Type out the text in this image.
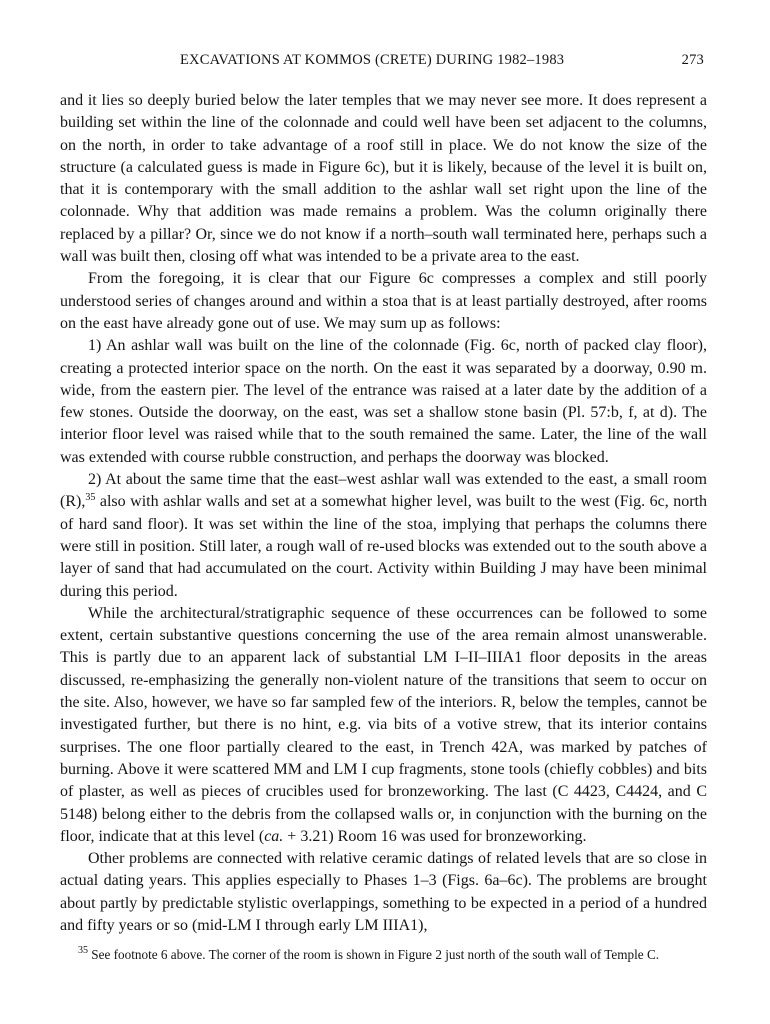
EXCAVATIONS AT KOMMOS (CRETE) DURING 1982–1983	273

and it lies so deeply buried below the later temples that we may never see more. It does represent a building set within the line of the colonnade and could well have been set adjacent to the columns, on the north, in order to take advantage of a roof still in place. We do not know the size of the structure (a calculated guess is made in Figure 6c), but it is likely, because of the level it is built on, that it is contemporary with the small addition to the ashlar wall set right upon the line of the colonnade. Why that addition was made remains a problem. Was the column originally there replaced by a pillar? Or, since we do not know if a north–south wall terminated here, perhaps such a wall was built then, closing off what was intended to be a private area to the east.

From the foregoing, it is clear that our Figure 6c compresses a complex and still poorly understood series of changes around and within a stoa that is at least partially destroyed, after rooms on the east have already gone out of use. We may sum up as follows:

1) An ashlar wall was built on the line of the colonnade (Fig. 6c, north of packed clay floor), creating a protected interior space on the north. On the east it was separated by a doorway, 0.90 m. wide, from the eastern pier. The level of the entrance was raised at a later date by the addition of a few stones. Outside the doorway, on the east, was set a shallow stone basin (Pl. 57:b, f, at d). The interior floor level was raised while that to the south remained the same. Later, the line of the wall was extended with course rubble construction, and perhaps the doorway was blocked.

2) At about the same time that the east–west ashlar wall was extended to the east, a small room (R),$^{35}$ also with ashlar walls and set at a somewhat higher level, was built to the west (Fig. 6c, north of hard sand floor). It was set within the line of the stoa, implying that perhaps the columns there were still in position. Still later, a rough wall of re-used blocks was extended out to the south above a layer of sand that had accumulated on the court. Activity within Building J may have been minimal during this period.

While the architectural/stratigraphic sequence of these occurrences can be followed to some extent, certain substantive questions concerning the use of the area remain almost unanswerable. This is partly due to an apparent lack of substantial LM I–II–IIIA1 floor deposits in the areas discussed, re-emphasizing the generally non-violent nature of the transitions that seem to occur on the site. Also, however, we have so far sampled few of the interiors. R, below the temples, cannot be investigated further, but there is no hint, e.g. via bits of a votive strew, that its interior contains surprises. The one floor partially cleared to the east, in Trench 42A, was marked by patches of burning. Above it were scattered MM and LM I cup fragments, stone tools (chiefly cobbles) and bits of plaster, as well as pieces of crucibles used for bronzeworking. The last (C 4423, C4424, and C 5148) belong either to the debris from the collapsed walls or, in conjunction with the burning on the floor, indicate that at this level (ca. + 3.21) Room 16 was used for bronzeworking.

Other problems are connected with relative ceramic datings of related levels that are so close in actual dating years. This applies especially to Phases 1–3 (Figs. 6a–6c). The problems are brought about partly by predictable stylistic overlappings, something to be expected in a period of a hundred and fifty years or so (mid-LM I through early LM IIIA1),

$^{35}$ See footnote 6 above. The corner of the room is shown in Figure 2 just north of the south wall of Temple C.
